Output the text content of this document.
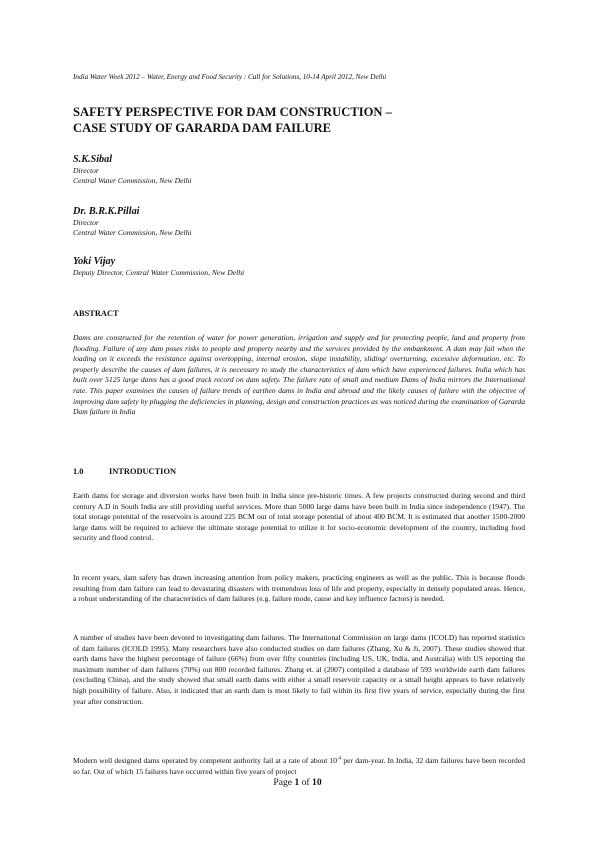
India Water Week 2012 – Water, Energy and Food Security : Call for Solutions, 10-14 April 2012, New Delhi
SAFETY PERSPECTIVE FOR DAM CONSTRUCTION –
CASE STUDY OF GARARDA DAM FAILURE
S.K.Sibal
Director
Central Water Commission, New Delhi
Dr. B.R.K.Pillai
Director
Central Water Commission, New Delhi
Yoki Vijay
Deputy Director, Central Water Commission, New Delhi
ABSTRACT

Dams are constructed for the retention of water for power generation, irrigation and supply and for protecting people, land and property from flooding. Failure of any dam poses risks to people and property nearby and the services provided by the embankment. A dam may fail when the loading on it exceeds the resistance against overtopping, internal erosion, slope instability, sliding/ overturning, excessive deformation, etc. To properly describe the causes of dam failures, it is necessary to study the characteristics of dam which have experienced failures. India which has built over 5125 large dams has a good track record on dam safety. The failure rate of small and medium Dams of India mirrors the International rate. This paper examines the causes of failure trends of earthen dams in India and abroad and the likely causes of failure with the objective of improving dam safety by plugging the deficiencies in planning, design and construction practices as was noticed during the examination of Gararda Dam failure in India

1.0	INTRODUCTION

Earth dams for storage and diversion works have been built in India since pre-historic times. A few projects constructed during second and third century A.D in South India are still providing useful services. More than 5000 large dams have been built in India since independence (1947). The total storage potential of the reservoirs is around 225 BCM out of total storage potential of about 400 BCM. It is estimated that another 1500-2000 large dams will be required to achieve the ultimate storage potential to utilize it for socio-economic development of the country, including food security and flood control.

In recent years, dam safety has drawn increasing attention from policy makers, practicing engineers as well as the public. This is because floods resulting from dam failure can lead to devastating disasters with tremendous loss of life and property, especially in densely populated areas. Hence, a robust understanding of the characteristics of dam failures (e.g. failure mode, cause and key influence factors) is needed.

A number of studies have been devoted to investigating dam failures. The International Commission on large dams (ICOLD) has reported statistics of dam failures (ICOLD 1995). Many researchers have also conducted studies on dam failures (Zhang, Xu & Ji, 2007). These studies showed that earth dams have the highest percentage of failure (66%) from over fifty countries (including US, UK, India, and Australia) with US reporting the maximum number of dam failures (70%) out 800 recorded failures. Zhang et. al (2007) compiled a database of 593 worldwide earth dam failures (excluding China), and the study showed that small earth dams with either a small reservoir capacity or a small height appears to have relatively high possibility of failure. Also, it indicated that an earth dam is most likely to fail within its first five years of service, especially during the first year after construction.

Modern well designed dams operated by competent authority fail at a rate of about $10^{-4}$ per dam-year. In India, 32 dam failures have been recorded so far. Out of which 15 failures have occurred within five years of project

Page 1 of 10
